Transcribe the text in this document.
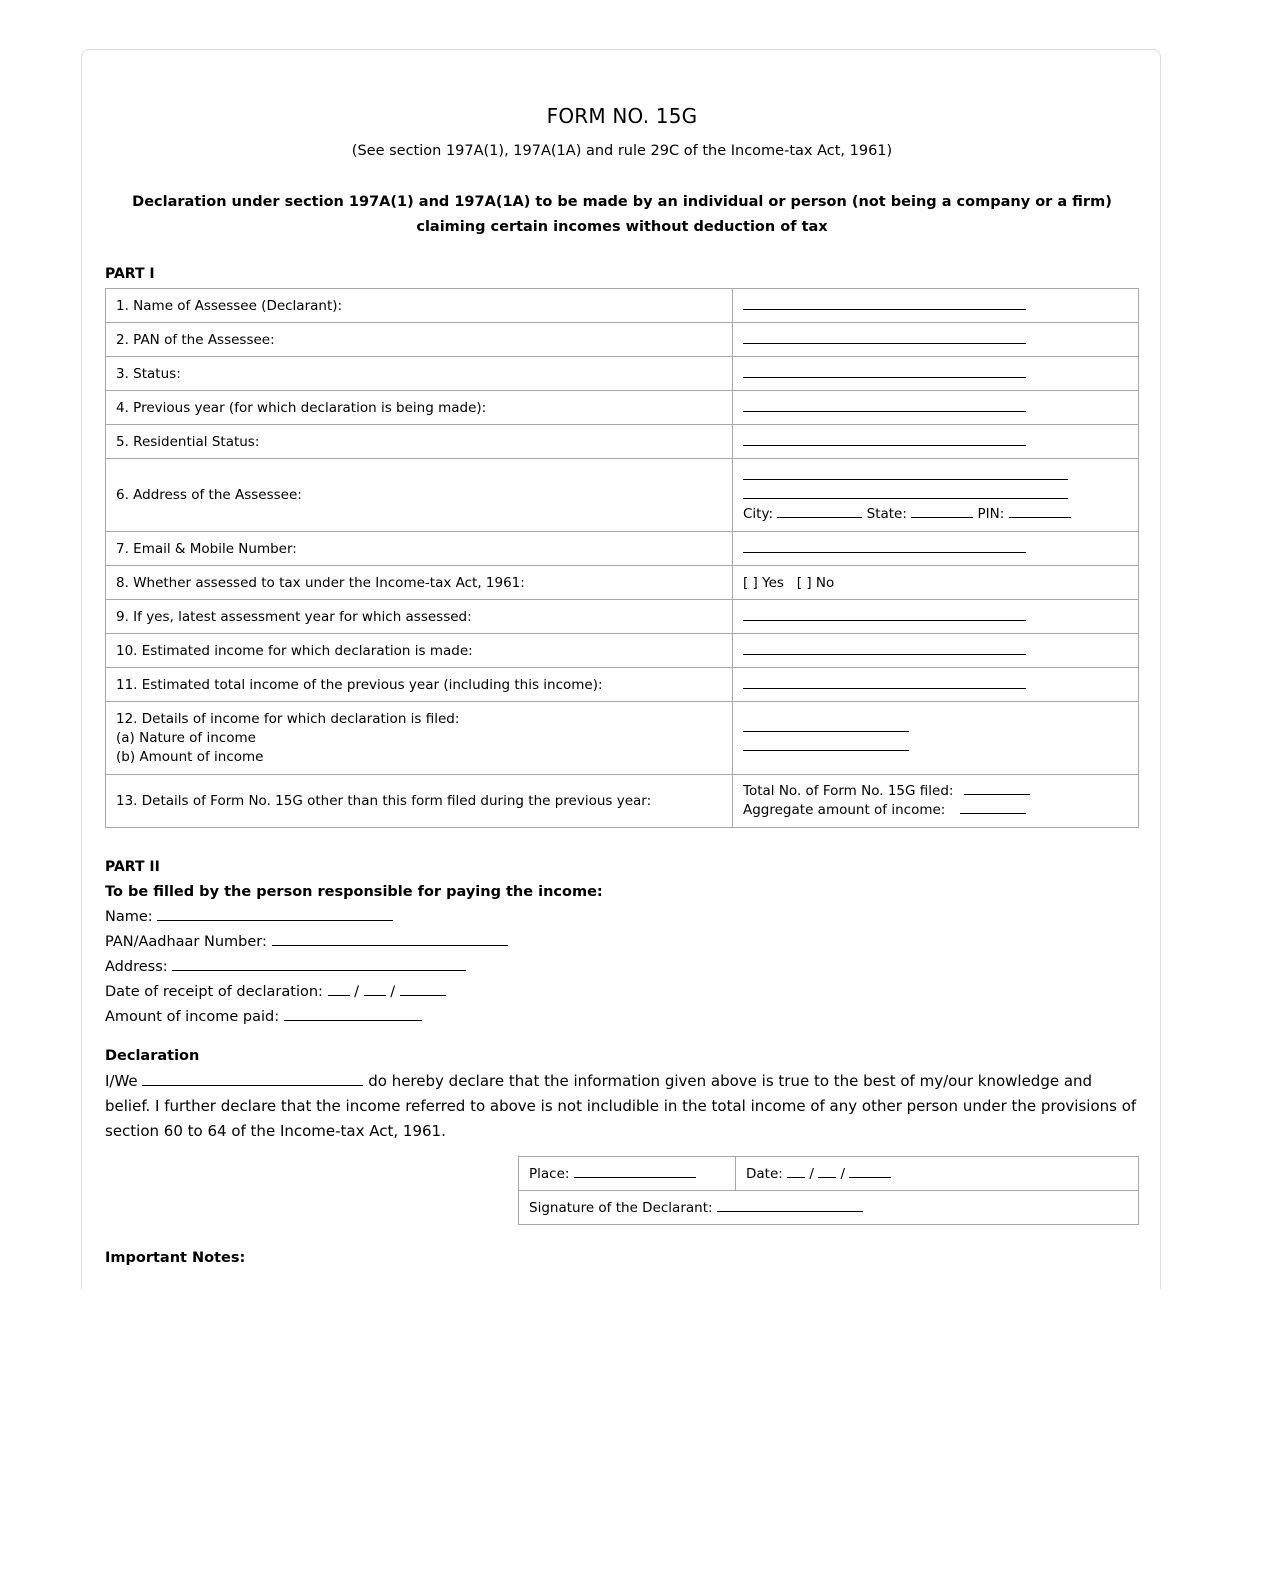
FORM NO. 15G
(See section 197A(1), 197A(1A) and rule 29C of the Income-tax Act, 1961)
Declaration under section 197A(1) and 197A(1A) to be made by an individual or person (not being a company or a firm) claiming certain incomes without deduction of tax
PART I
1. Name of Assessee (Declarant):	
2. PAN of the Assessee:	
3. Status:	
4. Previous year (for which declaration is being made):	
5. Residential Status:	
6. Address of the Assessee:	City: State: PIN:

7. Email & Mobile Number:	
8. Whether assessed to tax under the Income-tax Act, 1961:	[ ] Yes [ ] No
9. If yes, latest assessment year for which assessed:	
10. Estimated income for which declaration is made:	
11. Estimated total income of the previous year (including this income):	

12. Details of income for which declaration is filed:
(a) Nature of income
(b) Amount of income	

13. Details of Form No. 15G other than this form filed during the previous year:	Total No. of Form No. 15G filed:
Aggregate amount of income:
PART II
To be filled by the person responsible for paying the income:
Name:
PAN/Aadhaar Number:
Address:
Date of receipt of declaration:  /  /
Amount of income paid:
Declaration
I/We	do hereby declare that the information given above is true to the best of my/our knowledge and belief. I further declare that the income referred to above is not includible in the total income of any other person under the provisions of section 60 to 64 of the Income-tax Act, 1961.
Place:	Date:  /  /
Signature of the Declarant:
Important Notes:
